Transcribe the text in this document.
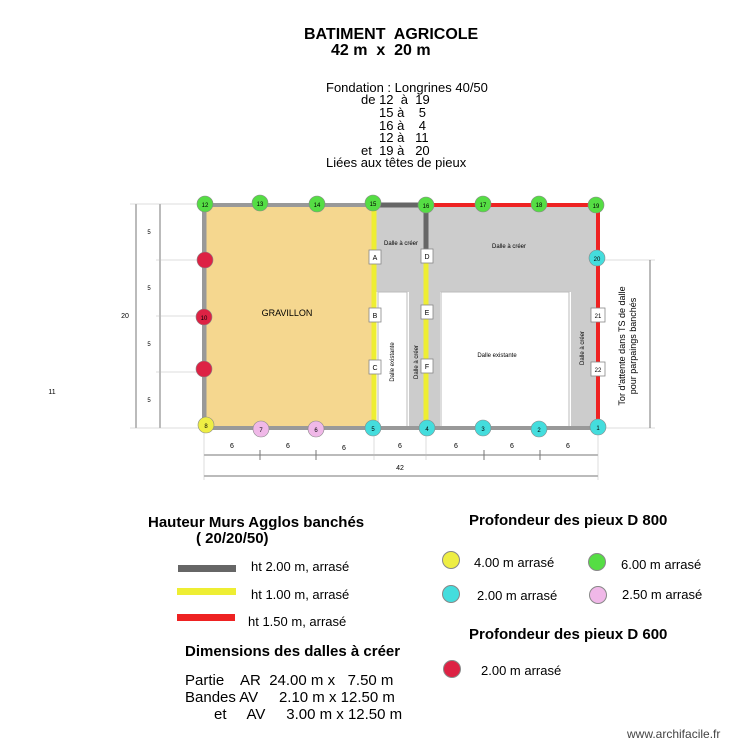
BATIMENT  AGRICOLE
42 m  x  20 m
Fondation : Longrines 40/50
de 12  à  19
15 à    5
16 à    4
12 à   11
et  19 à   20
Liées aux têtes de pieux
GRAVILLON
Dalle à créer	Dalle à créer
Dalle existante
Dalle existante	Dalle à créer	Dalle à créer	Tor d'attente dans TS de dalle pour parpaings banchés
5
5
5
5
20
11
6	6	6	6	6	6	6
42
A
B
C
D
E
F
21
22
12	13	14	15	16	17	18	19
20
1
2
3
4
5
6
7
8
10
Hauteur Murs Agglos banchés
( 20/20/50)
ht 2.00 m, arrasé
ht 1.00 m, arrasé
ht 1.50 m, arrasé
Profondeur des pieux D 800
4.00 m arrasé	6.00 m arrasé
2.00 m arrasé	2.50 m arrasé
Profondeur des pieux D 600
2.00 m arrasé
Dimensions des dalles à créer
Partie    AR  24.00 m x   7.50 m
Bandes AV     2.10 m x 12.50 m
et     AV     3.00 m x 12.50 m
www.archifacile.fr
